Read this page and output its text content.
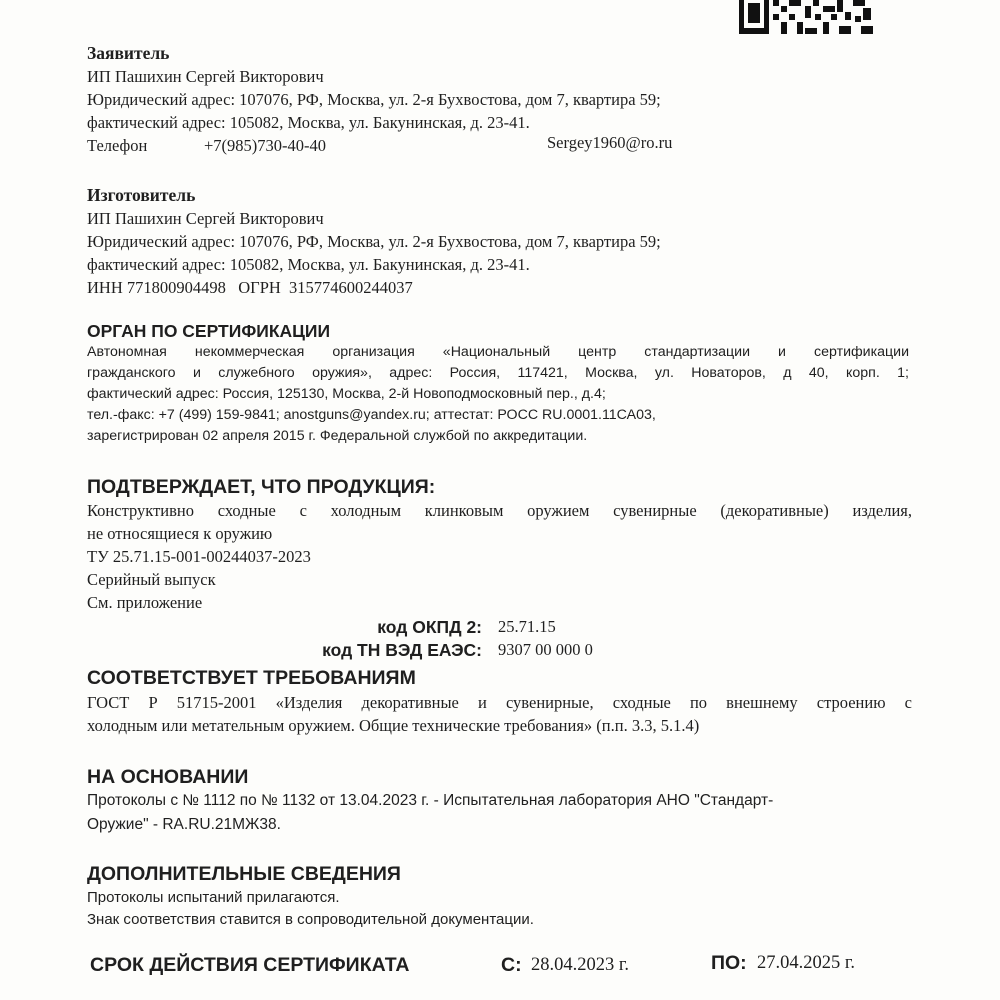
Заявитель
ИП Пашихин Сергей Викторович
Юридический адрес: 107076, РФ, Москва, ул. 2-я Бухвостова, дом 7, квартира 59;
фактический адрес: 105082, Москва, ул. Бакунинская, д. 23-41.
Телефон	+7(985)730-40-40	Sergey1960@ro.ru
Изготовитель
ИП Пашихин Сергей Викторович
Юридический адрес: 107076, РФ, Москва, ул. 2-я Бухвостова, дом 7, квартира 59;
фактический адрес: 105082, Москва, ул. Бакунинская, д. 23-41.
ИНН 771800904498   ОГРН  315774600244037
ОРГАН ПО СЕРТИФИКАЦИИ
Автономная некоммерческая организация «Национальный центр стандартизации и сертификации
гражданского и служебного оружия», адрес: Россия, 117421, Москва, ул. Новаторов, д 40, корп. 1;
фактический адрес: Россия, 125130, Москва, 2-й Новоподмосковный пер., д.4;
тел.-факс: +7 (499) 159-9841; anostguns@yandex.ru; аттестат: РОСС RU.0001.11СА03,
зарегистрирован 02 апреля 2015 г. Федеральной службой по аккредитации.
ПОДТВЕРЖДАЕТ, ЧТО ПРОДУКЦИЯ:
Конструктивно сходные с холодным клинковым оружием сувенирные (декоративные) изделия,
не относящиеся к оружию
ТУ 25.71.15-001-00244037-2023
Серийный выпуск
См. приложение
код ОКПД 2: 25.71.15
код ТН ВЭД ЕАЭС: 9307 00 000 0
СООТВЕТСТВУЕТ ТРЕБОВАНИЯМ
ГОСТ Р 51715-2001 «Изделия декоративные и сувенирные, сходные по внешнему строению с
холодным или метательным оружием. Общие технические требования» (п.п. 3.3, 5.1.4)
НА ОСНОВАНИИ
Протоколы с № 1112 по № 1132 от 13.04.2023 г. - Испытательная лаборатория АНО "Стандарт-
Оружие" - RA.RU.21МЖ38.
ДОПОЛНИТЕЛЬНЫЕ СВЕДЕНИЯ
Протоколы испытаний прилагаются.
Знак соответствия ставится в сопроводительной документации.
СРОК ДЕЙСТВИЯ СЕРТИФИКАТА	С: 28.04.2023 г.	ПО: 27.04.2025 г.
